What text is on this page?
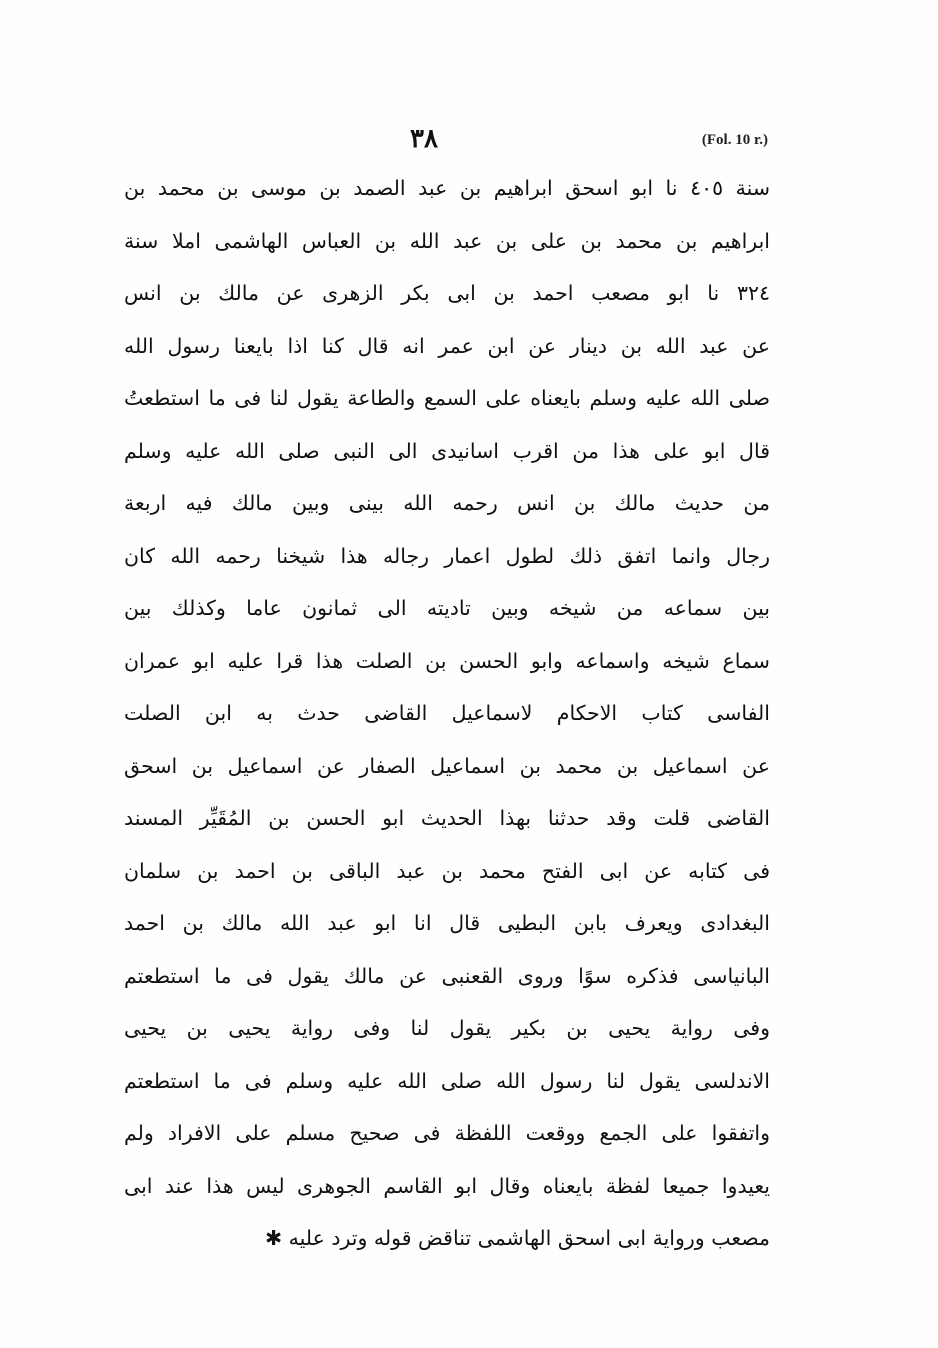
۳۸	(Fol. 10 r.)
سنة ٤٠٥ نا ابو اسحق ابراهيم بن عبد الصمد بن موسى بن محمد بن
ابراهيم بن محمد بن على بن عبد الله بن العباس الهاشمى املا سنة
٣٢٤ نا ابو مصعب احمد بن ابى بكر الزهرى عن مالك بن انس
عن عبد الله بن دينار عن ابن عمر انه قال كنا اذا بايعنا رسول الله
صلى الله عليه وسلم بايعناه على السمع والطاعة يقول لنا فى ما استطعتُ
قال ابو على هذا من اقرب اسانيدى الى النبى صلى الله عليه وسلم
من حديث مالك بن انس رحمه الله بينى وبين مالك فيه اربعة
رجال وانما اتفق ذلك لطول اعمار رجاله هذا شيخنا رحمه الله كان
بين سماعه من شيخه وبين تاديته الى ثمانون عاما وكذلك بين
سماع شيخه واسماعه وابو الحسن بن الصلت هذا قرا عليه ابو عمران
الفاسى كتاب الاحكام لاسماعيل القاضى حدث به ابن الصلت
عن اسماعيل بن محمد بن اسماعيل الصفار عن اسماعيل بن اسحق
القاضى قلت وقد حدثنا بهذا الحديث ابو الحسن بن المُقَيِّر المسند
فى كتابه عن ابى الفتح محمد بن عبد الباقى بن احمد بن سلمان
البغدادى ويعرف بابن البطيى قال انا ابو عبد الله مالك بن احمد
البانياسى فذكره سوًا وروى القعنبى عن مالك يقول فى ما استطعتم
وفى رواية يحيى بن بكير يقول لنا وفى رواية يحيى بن يحيى
الاندلسى يقول لنا رسول الله صلى الله عليه وسلم فى ما استطعتم
واتفقوا على الجمع ووقعت اللفظة فى صحيح مسلم على الافراد ولم
يعيدوا جميعا لفظة بايعناه وقال ابو القاسم الجوهرى ليس هذا عند ابى
مصعب ورواية ابى اسحق الهاشمى تناقض قوله وترد عليه ✱
